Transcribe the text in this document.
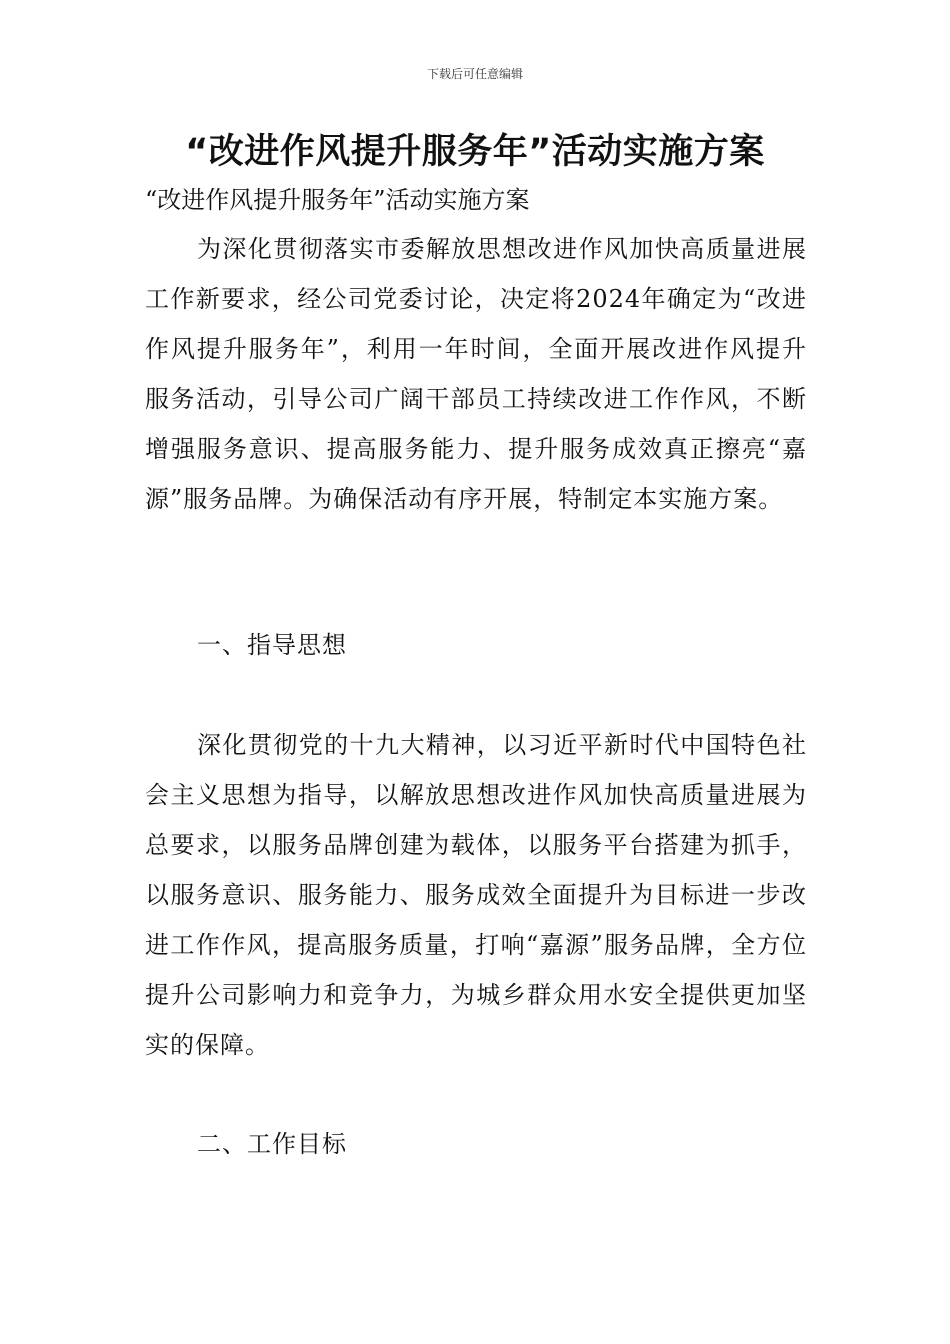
下载后可任意编辑
“改进作风提升服务年”活动实施方案

“改进作风提升服务年”活动实施方案

为深化贯彻落实市委解放思想改进作风加快高质量进展工作新要求，经公司党委讨论，决定将2024年确定为“改进作风提升服务年”，利用一年时间，全面开展改进作风提升服务活动，引导公司广阔干部员工持续改进工作作风，不断增强服务意识、提高服务能力、提升服务成效真正擦亮“嘉源”服务品牌。为确保活动有序开展，特制定本实施方案。

一、指导思想

深化贯彻党的十九大精神，以习近平新时代中国特色社会主义思想为指导，以解放思想改进作风加快高质量进展为总要求，以服务品牌创建为载体，以服务平台搭建为抓手，以服务意识、服务能力、服务成效全面提升为目标进一步改进工作作风，提高服务质量，打响“嘉源”服务品牌，全方位提升公司影响力和竞争力，为城乡群众用水安全提供更加坚实的保障。

二、工作目标
